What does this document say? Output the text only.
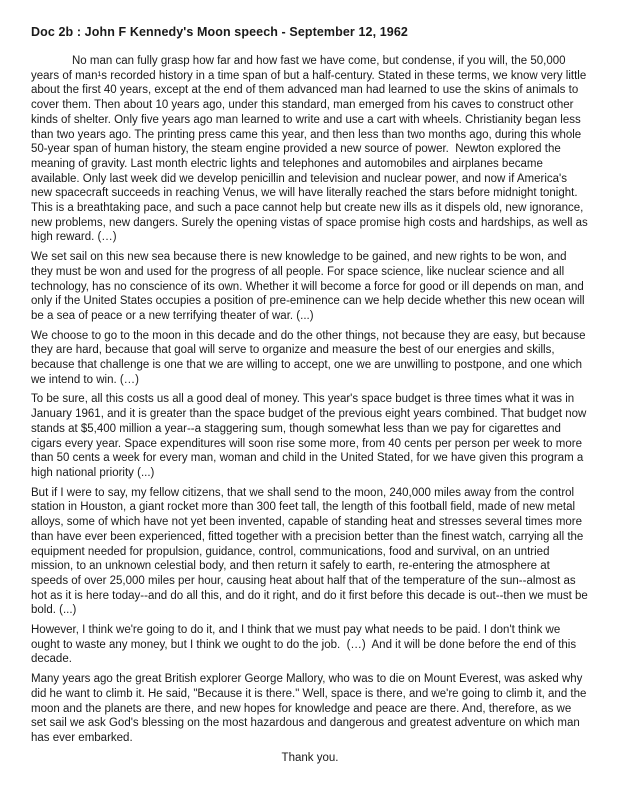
Doc 2b : John F Kennedy's Moon speech - September 12, 1962

No man can fully grasp how far and how fast we have come, but condense, if you will, the 50,000 years of man¹s recorded history in a time span of but a half-century. Stated in these terms, we know very little about the first 40 years, except at the end of them advanced man had learned to use the skins of animals to cover them. Then about 10 years ago, under this standard, man emerged from his caves to construct other kinds of shelter. Only five years ago man learned to write and use a cart with wheels. Christianity began less than two years ago. The printing press came this year, and then less than two months ago, during this whole 50-year span of human history, the steam engine provided a new source of power.  Newton explored the meaning of gravity. Last month electric lights and telephones and automobiles and airplanes became available. Only last week did we develop penicillin and television and nuclear power, and now if America's new spacecraft succeeds in reaching Venus, we will have literally reached the stars before midnight tonight.

This is a breathtaking pace, and such a pace cannot help but create new ills as it dispels old, new ignorance, new problems, new dangers. Surely the opening vistas of space promise high costs and hardships, as well as high reward. (…)

We set sail on this new sea because there is new knowledge to be gained, and new rights to be won, and they must be won and used for the progress of all people. For space science, like nuclear science and all technology, has no conscience of its own. Whether it will become a force for good or ill depends on man, and only if the United States occupies a position of pre-eminence can we help decide whether this new ocean will be a sea of peace or a new terrifying theater of war. (...)

We choose to go to the moon in this decade and do the other things, not because they are easy, but because they are hard, because that goal will serve to organize and measure the best of our energies and skills, because that challenge is one that we are willing to accept, one we are unwilling to postpone, and one which we intend to win. (…)

To be sure, all this costs us all a good deal of money. This year's space budget is three times what it was in January 1961, and it is greater than the space budget of the previous eight years combined. That budget now stands at $5,400 million a year--a staggering sum, though somewhat less than we pay for cigarettes and cigars every year. Space expenditures will soon rise some more, from 40 cents per person per week to more than 50 cents a week for every man, woman and child in the United Stated, for we have given this program a high national priority (...)

But if I were to say, my fellow citizens, that we shall send to the moon, 240,000 miles away from the control station in Houston, a giant rocket more than 300 feet tall, the length of this football field, made of new metal alloys, some of which have not yet been invented, capable of standing heat and stresses several times more than have ever been experienced, fitted together with a precision better than the finest watch, carrying all the equipment needed for propulsion, guidance, control, communications, food and survival, on an untried mission, to an unknown celestial body, and then return it safely to earth, re-entering the atmosphere at speeds of over 25,000 miles per hour, causing heat about half that of the temperature of the sun--almost as hot as it is here today--and do all this, and do it right, and do it first before this decade is out--then we must be bold. (...)

However, I think we're going to do it, and I think that we must pay what needs to be paid. I don't think we ought to waste any money, but I think we ought to do the job.  (…)  And it will be done before the end of this decade.

Many years ago the great British explorer George Mallory, who was to die on Mount Everest, was asked why did he want to climb it. He said, "Because it is there." Well, space is there, and we're going to climb it, and the moon and the planets are there, and new hopes for knowledge and peace are there. And, therefore, as we set sail we ask God's blessing on the most hazardous and dangerous and greatest adventure on which man has ever embarked.

Thank you.
